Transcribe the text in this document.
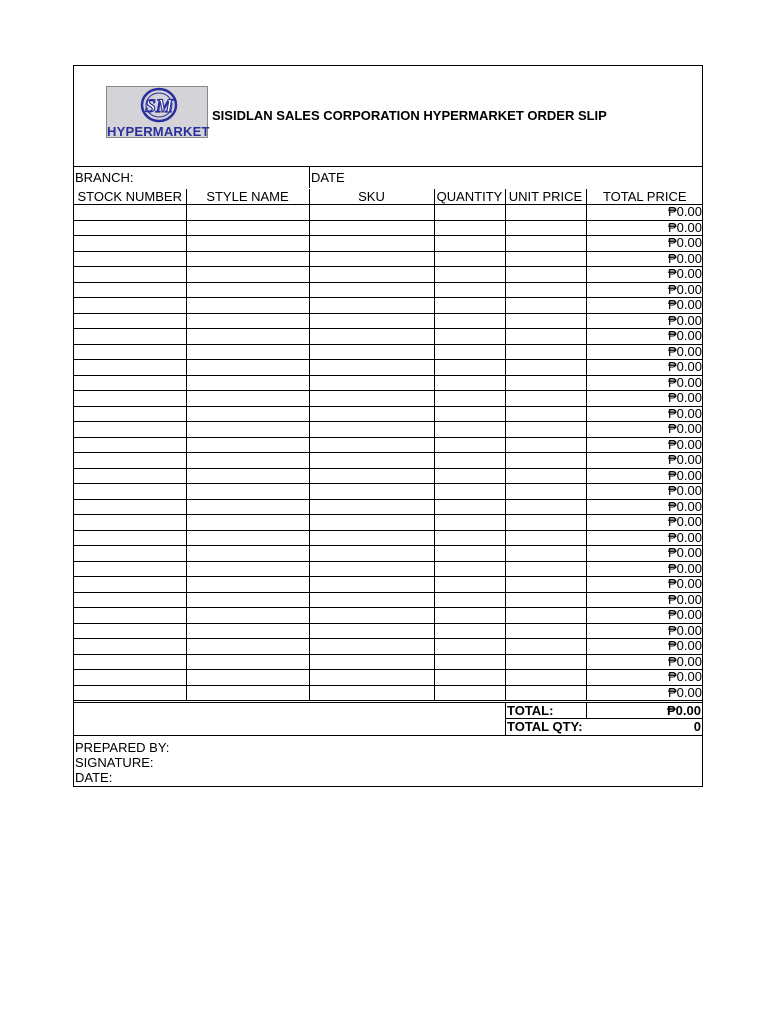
SM
HYPERMARKET
SISIDLAN SALES CORPORATION HYPERMARKET ORDER SLIP
BRANCH:	DATE
STOCK NUMBER	STYLE NAME	SKU	QUANTITY	UNIT PRICE	TOTAL PRICE
					₱0.00
					₱0.00
					₱0.00
					₱0.00
					₱0.00
					₱0.00
					₱0.00
					₱0.00
					₱0.00
					₱0.00
					₱0.00
					₱0.00
					₱0.00
					₱0.00
					₱0.00
					₱0.00
					₱0.00
					₱0.00
					₱0.00
					₱0.00
					₱0.00
					₱0.00
					₱0.00
					₱0.00
					₱0.00
					₱0.00
					₱0.00
					₱0.00
					₱0.00
					₱0.00
					₱0.00
					₱0.00
TOTAL:	₱0.00
TOTAL QTY:	0
PREPARED BY:
SIGNATURE:
DATE:
